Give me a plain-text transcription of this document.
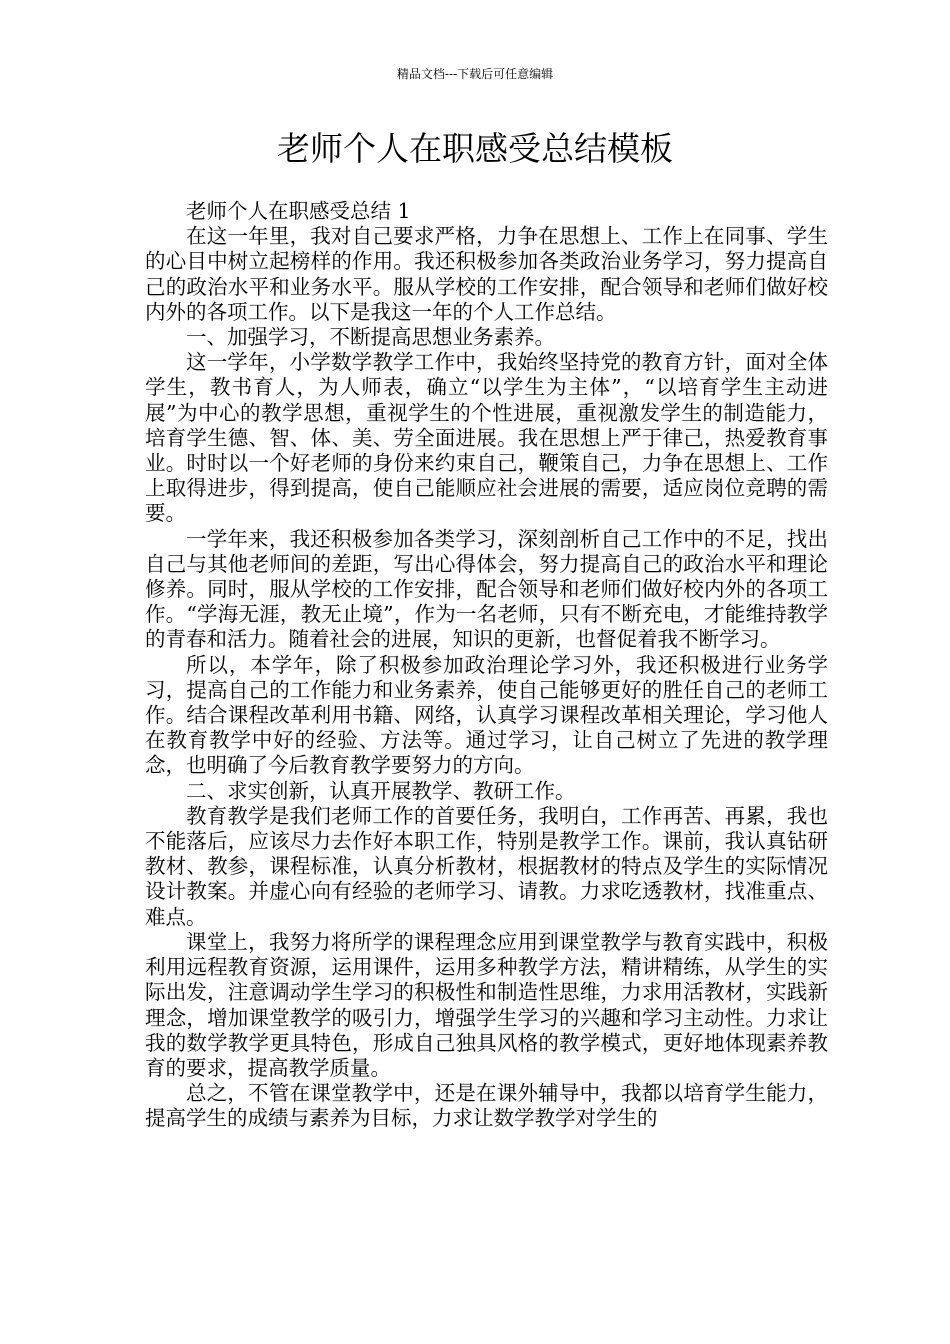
精品文档---下载后可任意编辑
老师个人在职感受总结模板

老师个人在职感受总结 1

在这一年里，我对自己要求严格，力争在思想上、工作上在同事、学生的心目中树立起榜样的作用。我还积极参加各类政治业务学习，努力提高自己的政治水平和业务水平。服从学校的工作安排，配合领导和老师们做好校内外的各项工作。以下是我这一年的个人工作总结。

一、加强学习，不断提高思想业务素养。

这一学年，小学数学教学工作中，我始终坚持党的教育方针，面对全体学生，教书育人，为人师表，确立“以学生为主体”，“以培育学生主动进展”为中心的教学思想，重视学生的个性进展，重视激发学生的制造能力，培育学生德、智、体、美、劳全面进展。我在思想上严于律己，热爱教育事业。时时以一个好老师的身份来约束自己，鞭策自己，力争在思想上、工作上取得进步，得到提高，使自己能顺应社会进展的需要，适应岗位竞聘的需要。

一学年来，我还积极参加各类学习，深刻剖析自己工作中的不足，找出自己与其他老师间的差距，写出心得体会，努力提高自己的政治水平和理论修养。同时，服从学校的工作安排，配合领导和老师们做好校内外的各项工作。“学海无涯，教无止境”，作为一名老师，只有不断充电，才能维持教学的青春和活力。随着社会的进展，知识的更新，也督促着我不断学习。

所以，本学年，除了积极参加政治理论学习外，我还积极进行业务学习，提高自己的工作能力和业务素养，使自己能够更好的胜任自己的老师工作。结合课程改革利用书籍、网络，认真学习课程改革相关理论，学习他人在教育教学中好的经验、方法等。通过学习，让自己树立了先进的教学理念，也明确了今后教育教学要努力的方向。

二、求实创新，认真开展教学、教研工作。

教育教学是我们老师工作的首要任务，我明白，工作再苦、再累，我也不能落后，应该尽力去作好本职工作，特别是教学工作。课前，我认真钻研教材、教参，课程标准，认真分析教材，根据教材的特点及学生的实际情况设计教案。并虚心向有经验的老师学习、请教。力求吃透教材，找准重点、难点。

课堂上，我努力将所学的课程理念应用到课堂教学与教育实践中，积极利用远程教育资源，运用课件，运用多种教学方法，精讲精练，从学生的实际出发，注意调动学生学习的积极性和制造性思维，力求用活教材，实践新理念，增加课堂教学的吸引力，增强学生学习的兴趣和学习主动性。力求让我的数学教学更具特色，形成自己独具风格的教学模式，更好地体现素养教育的要求，提高教学质量。

总之，不管在课堂教学中，还是在课外辅导中，我都以培育学生能力，提高学生的成绩与素养为目标，力求让数学教学对学生的
